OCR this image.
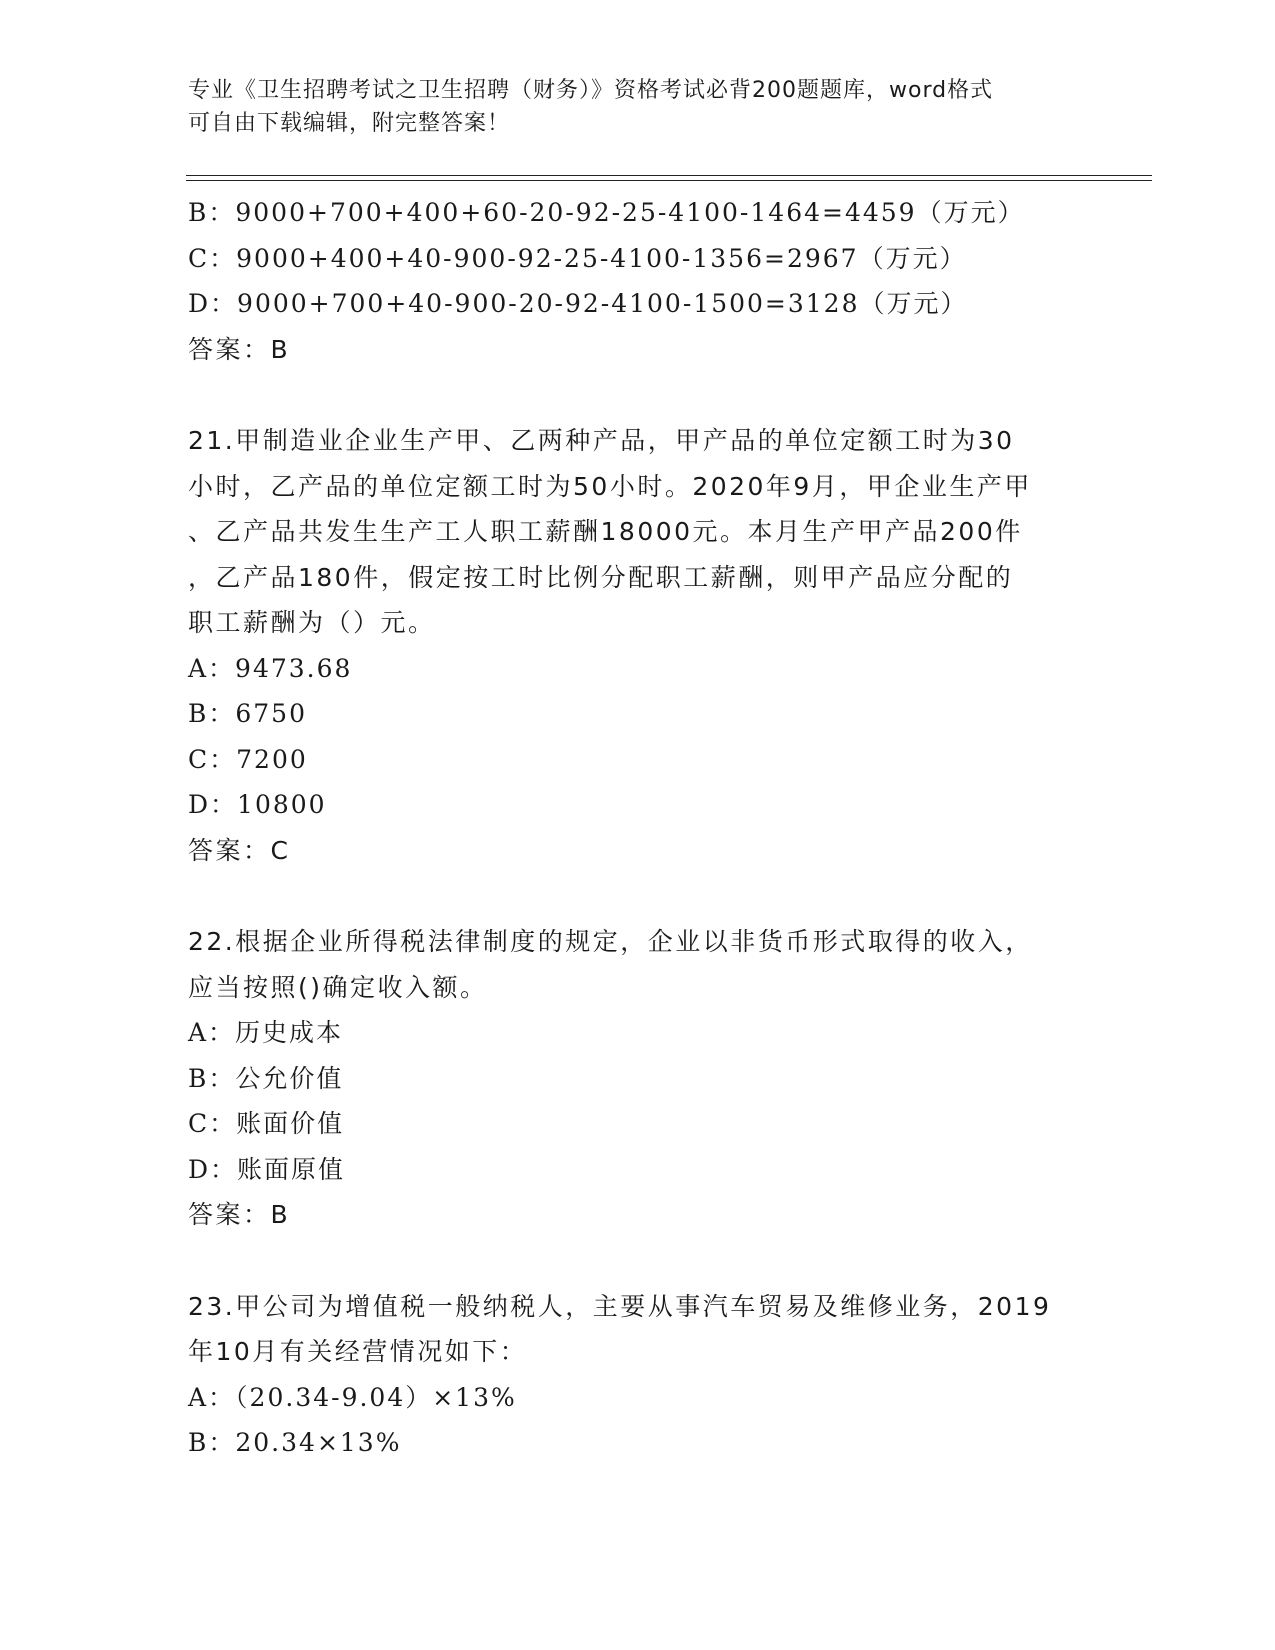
专业《卫生招聘考试之卫生招聘（财务）》资格考试必背200题题库，word格式
可自由下载编辑，附完整答案！
B：9000+700+400+60-20-92-25-4100-1464=4459（万元）
C：9000+400+40-900-92-25-4100-1356=2967（万元）
D：9000+700+40-900-20-92-4100-1500=3128（万元）
答案：B
21.甲制造业企业生产甲、乙两种产品，甲产品的单位定额工时为30
小时，乙产品的单位定额工时为50小时。2020年9月，甲企业生产甲
、乙产品共发生生产工人职工薪酬18000元。本月生产甲产品200件
，乙产品180件，假定按工时比例分配职工薪酬，则甲产品应分配的
职工薪酬为（）元。
A：9473.68
B：6750
C：7200
D：10800
答案：C
22.根据企业所得税法律制度的规定，企业以非货币形式取得的收入，
应当按照()确定收入额。
A：历史成本
B：公允价值
C：账面价值
D：账面原值
答案：B
23.甲公司为增值税一般纳税人，主要从事汽车贸易及维修业务，2019
年10月有关经营情况如下：
A：（20.34-9.04）×13%
B：20.34×13%
